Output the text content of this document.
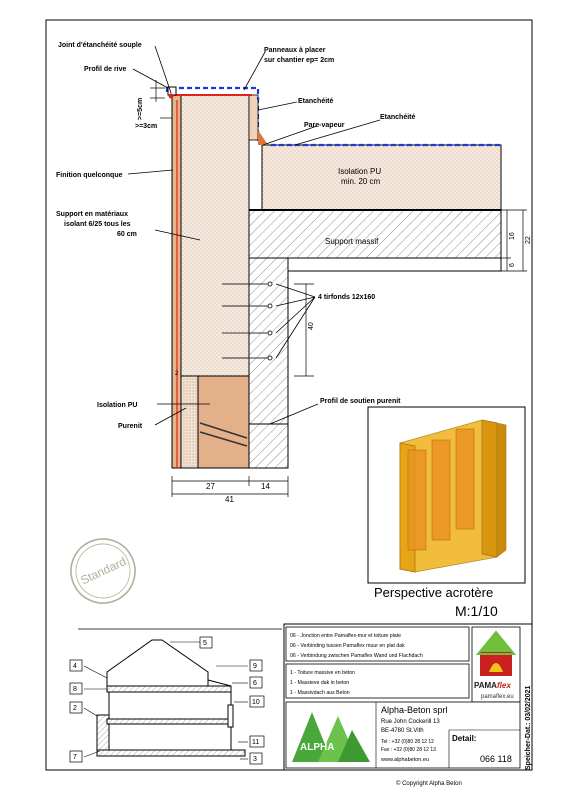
Joint d'étanchéité souple
Profil de rive
>=5cm
>=3cm
Finition quelconque
Support en matériaux
isolant 6/25 tous les
60 cm
Isolation PU
Purenit
Panneaux à placer
sur chantier ep= 2cm
Etanchéité
Etanchéité
Pare-vapeur
Isolation PU
min. 20 cm
Support massif
4 tirfonds 12x160
Profil de soutien purenit
16
22
6
40
2
27	14
41
Perspective acrotère
M:1/10
Standard
5
4
8
2
7
9
6
10
11
3
06 - Jonction entre Pamaflex-mur et toiture plate
06 - Verbinding tussen Pamaflex muur en plat dak
06 - Verbindung zwischen Pamaflex Wand und Flachdach
1 - Toiture massive en béton
1 - Massieve dak in beton
1 - Massivdach aus Beton
PAMA flex
pamaflex.eu Speicher-Dat.: 03/02/2021
ALPHA
Alpha-Beton sprl
Rue John Cockerill 13
BE-4780 St.Vith
Tel : +32 (0)80 28 12 12
Fax : +32 (0)80 28 12 13
www.alphabeton.eu
Detail:
066 118
© Copyright Alpha Beton
